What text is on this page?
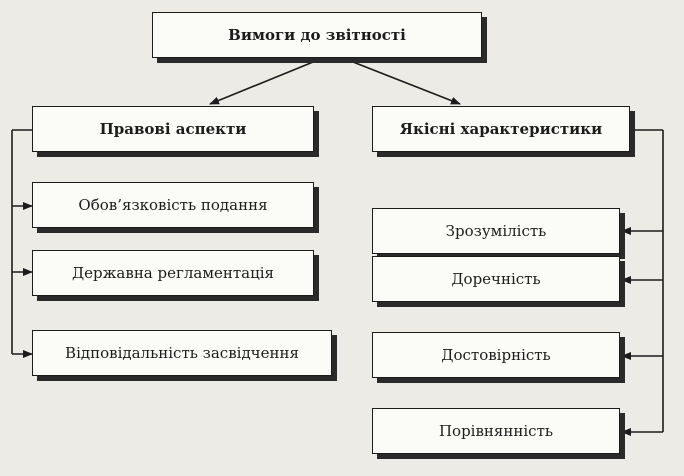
Вимоги до звітності
Правові аспекти
Обов’язковість подання
Державна регламентація
Відповідальність засвідчення
Якісні характеристики
Зрозумілість
Доречність
Достовірність
Порівнянність
